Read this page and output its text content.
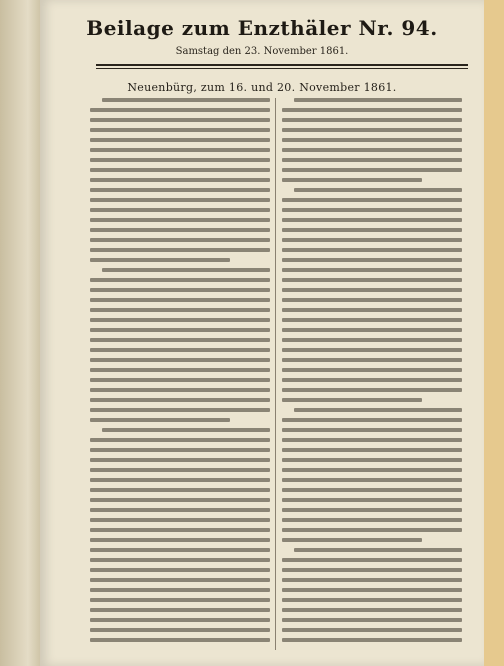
Beilage zum Enzthäler Nr. 94.
Samstag den 23. November 1861.
Neuenbürg, zum 16. und 20. November 1861.
